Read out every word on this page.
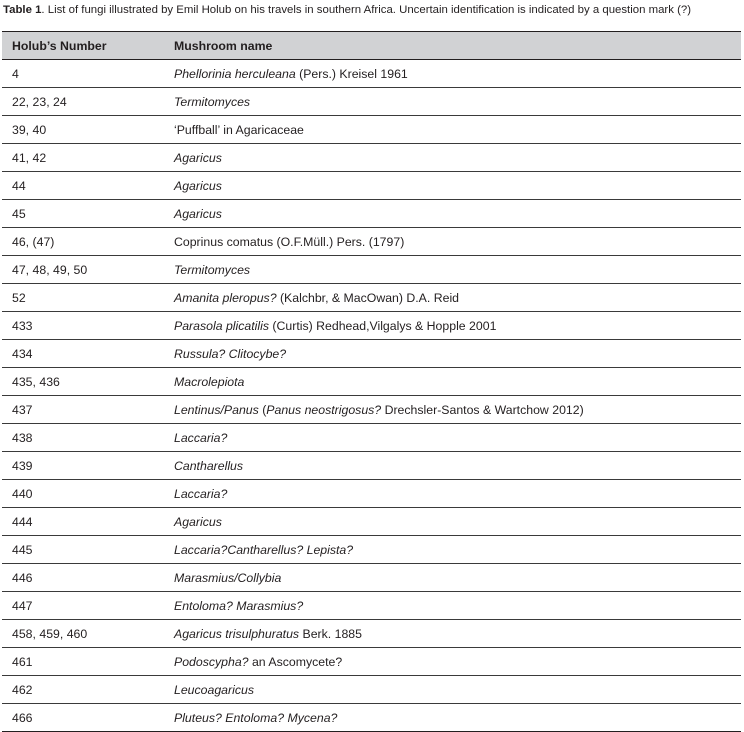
Table 1. List of fungi illustrated by Emil Holub on his travels in southern Africa. Uncertain identification is indicated by a question mark (?)
Holub’s Number	Mushroom name
4	Phellorinia herculeana (Pers.) Kreisel 1961
22, 23, 24	Termitomyces
39, 40	‘Puffball’ in Agaricaceae
41, 42	Agaricus
44	Agaricus
45	Agaricus
46, (47)	Coprinus comatus (O.F.Müll.) Pers. (1797)
47, 48, 49, 50	Termitomyces
52	Amanita pleropus? (Kalchbr, & MacOwan) D.A. Reid
433	Parasola plicatilis (Curtis) Redhead,Vilgalys & Hopple 2001
434	Russula? Clitocybe?
435, 436	Macrolepiota
437	Lentinus/Panus (Panus neostrigosus? Drechsler-Santos & Wartchow 2012)
438	Laccaria?
439	Cantharellus
440	Laccaria?
444	Agaricus
445	Laccaria?Cantharellus? Lepista?
446	Marasmius/Collybia
447	Entoloma? Marasmius?
458, 459, 460	Agaricus trisulphuratus Berk. 1885
461	Podoscypha? an Ascomycete?
462	Leucoagaricus
466	Pluteus? Entoloma? Mycena?
